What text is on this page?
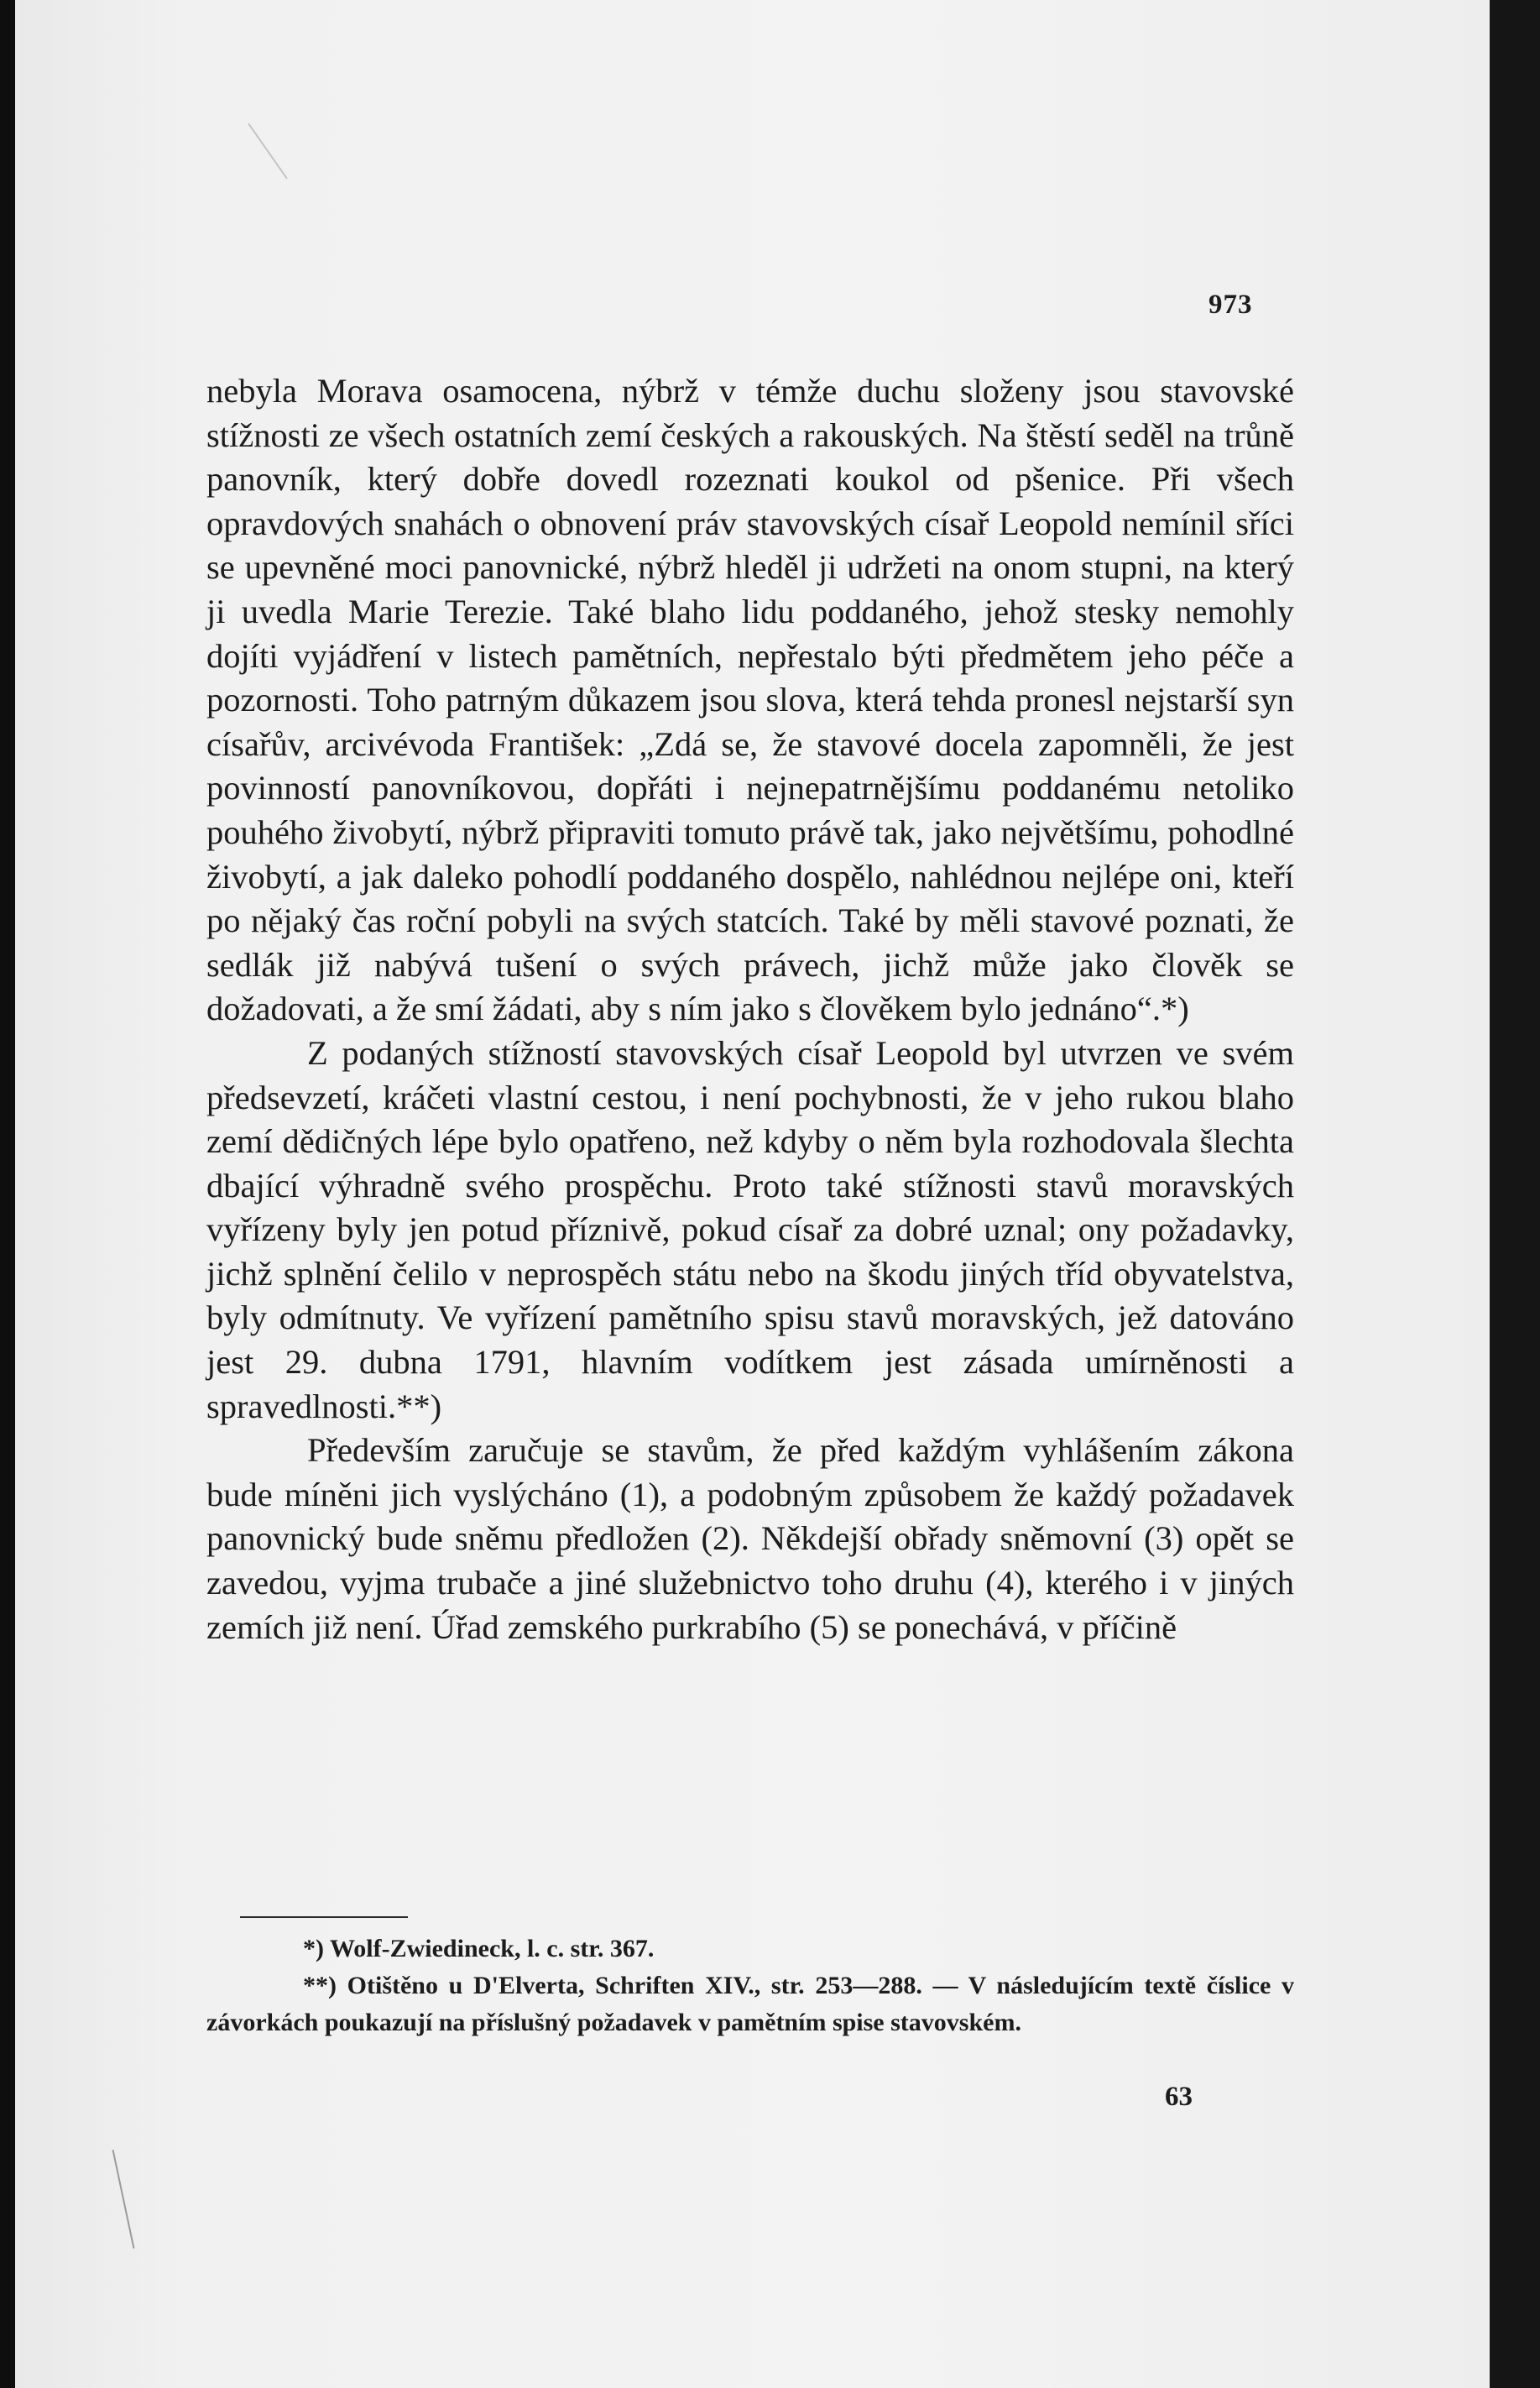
973

nebyla Morava osamocena, nýbrž v témže duchu složeny jsou stavovské stížnosti ze všech ostatních zemí českých a rakouských. Na štěstí seděl na trůně panovník, který dobře dovedl rozeznati koukol od pšenice. Při všech opravdových snahách o obnovení práv stavovských císař Leopold nemínil sříci se upevněné moci panovnické, nýbrž hleděl ji udržeti na onom stupni, na který ji uvedla Marie Terezie. Také blaho lidu poddaného, jehož stesky nemohly dojíti vyjádření v listech pamětních, nepřestalo býti předmětem jeho péče a pozornosti. Toho patrným důkazem jsou slova, která tehda pronesl nejstarší syn císařův, arcivévoda František: „Zdá se, že stavové docela zapomněli, že jest povinností panovníkovou, dopřáti i nejnepatrnějšímu poddanému netoliko pouhého živobytí, nýbrž připraviti tomuto právě tak, jako největšímu, pohodlné živobytí, a jak daleko pohodlí poddaného dospělo, nahlédnou nejlépe oni, kteří po nějaký čas roční pobyli na svých statcích. Také by měli stavové poznati, že sedlák již nabývá tušení o svých právech, jichž může jako člověk se dožadovati, a že smí žádati, aby s ním jako s člověkem bylo jednáno“.*)

Z podaných stížností stavovských císař Leopold byl utvrzen ve svém předsevzetí, kráčeti vlastní cestou, i není pochybnosti, že v jeho rukou blaho zemí dědičných lépe bylo opatřeno, než kdyby o něm byla rozhodovala šlechta dbající výhradně svého prospěchu. Proto také stížnosti stavů moravských vyřízeny byly jen potud příznivě, pokud císař za dobré uznal; ony požadavky, jichž splnění čelilo v neprospěch státu nebo na škodu jiných tříd obyvatelstva, byly odmítnuty. Ve vyřízení pamětního spisu stavů moravských, jež datováno jest 29. dubna 1791, hlavním vodítkem jest zásada umírněnosti a spravedlnosti.**)

Především zaručuje se stavům, že před každým vyhlášením zákona bude míněni jich vyslýcháno (1), a podobným způsobem že každý požadavek panovnický bude sněmu předložen (2). Někdejší obřady sněmovní (3) opět se zavedou, vyjma trubače a jiné služebnictvo toho druhu (4), kterého i v jiných zemích již není. Úřad zemského purkrabího (5) se ponechává, v příčině

*) Wolf-Zwiedineck, l. c. str. 367.

**) Otištěno u D'Elverta, Schriften XIV., str. 253—288. — V následujícím textě číslice v závorkách poukazují na příslušný požadavek v pamětním spise stavovském.

63
